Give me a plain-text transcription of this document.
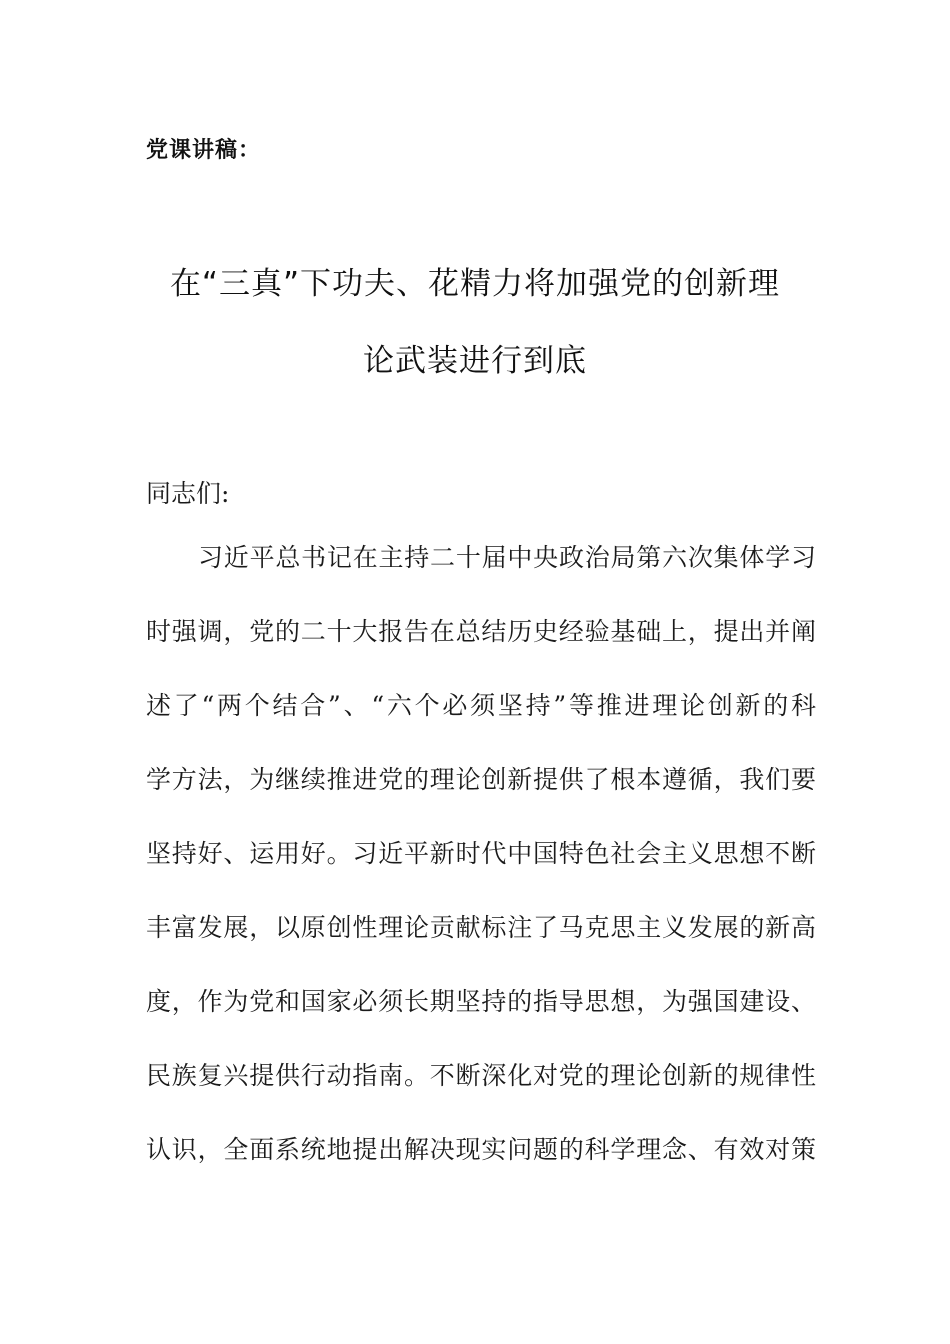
党课讲稿：
在“三真”下功夫、花精力将加强党的创新理
论武装进行到底
同志们:
习近平总书记在主持二十届中央政治局第六次集体学习
时强调，党的二十大报告在总结历史经验基础上，提出并阐
述了“两个结合”、“六个必须坚持”等推进理论创新的科
学方法，为继续推进党的理论创新提供了根本遵循，我们要
坚持好、运用好。习近平新时代中国特色社会主义思想不断
丰富发展，以原创性理论贡献标注了马克思主义发展的新高
度，作为党和国家必须长期坚持的指导思想，为强国建设、
民族复兴提供行动指南。不断深化对党的理论创新的规律性
认识，全面系统地提出解决现实问题的科学理念、有效对策
